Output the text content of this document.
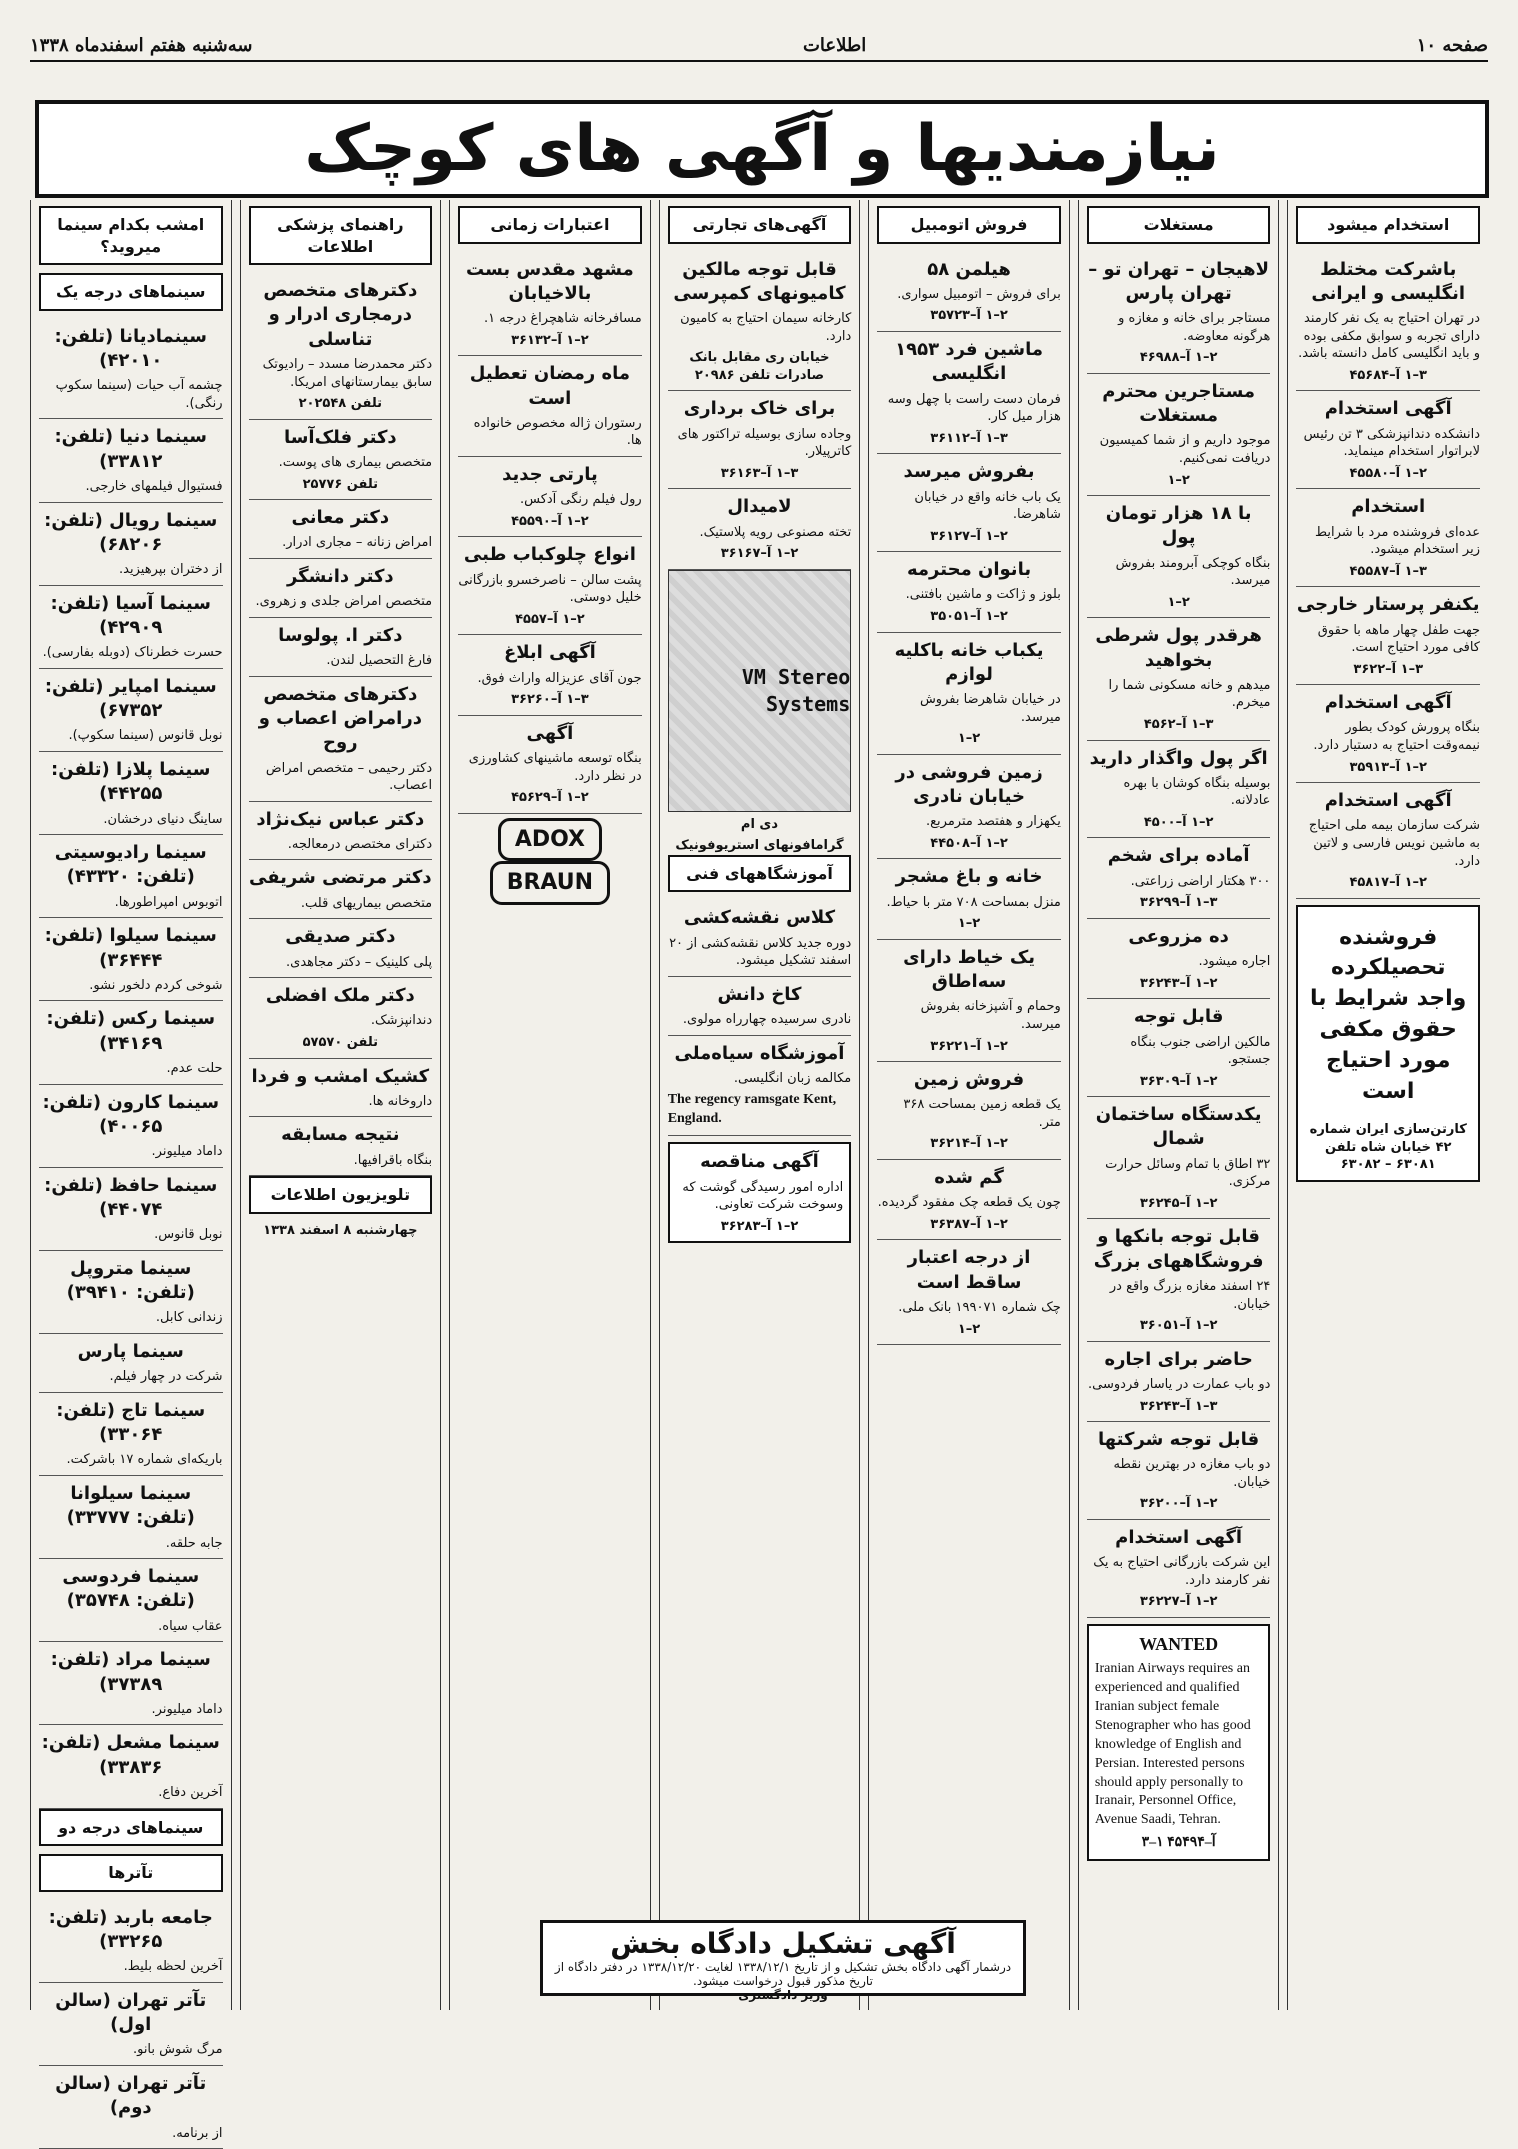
سه‌شنبه هفتم اسفندماه ۱۳۳۸	اطلاعات	صفحه ۱۰
نیازمندیها و آگهی های کوچک
استخدام میشود
باشرکت مختلط انگلیسی و ایرانی
در تهران احتیاج به یک نفر کارمند دارای تجربه و سوابق مکفی بوده و باید انگلیسی کامل دانسته باشد.
۳–۱ آ–۴۵۶۸۴
آگهی استخدام
دانشکده دندانپزشکی ۳ تن رئیس لابراتوار استخدام مینماید.
۲–۱ آ–۴۵۵۸۰
استخدام
عده‌ای فروشنده مرد با شرایط زیر استخدام میشود.
۳–۱ آ–۴۵۵۸۷
یکنفر پرستار خارجی
جهت طفل چهار ماهه با حقوق کافی مورد احتیاج است.
۳–۱ آ–۳۶۲۲
آگهی استخدام
بنگاه پرورش کودک بطور نیمه‌وقت احتیاج به دستیار دارد.
۲–۱ آ–۳۵۹۱۳
آگهی استخدام
شرکت سازمان بیمه ملی احتیاج به ماشین نویس فارسی و لاتین دارد.
۲–۱ آ–۴۵۸۱۷
فروشنده تحصیلکرده واجد شرایط با حقوق مکفی مورد احتیاج است
کارتن‌سازی ایران شماره ۴۲ خیابان شاه تلفن ۶۳۰۸۱ – ۶۳۰۸۲
مستغلات
لاهیجان – تهران تو – تهران پارس
مستاجر برای خانه و مغازه و هرگونه معاوضه.
۲–۱ آ–۴۶۹۸۸
مستاجرین محترم مستغلات
موجود داریم و از شما کمیسیون دریافت نمی‌کنیم.
۲–۱
با ۱۸ هزار تومان پول
بنگاه کوچکی آبرومند بفروش میرسد.
۲–۱
هرقدر پول شرطی بخواهید
میدهم و خانه مسکونی شما را میخرم.
۳–۱ آ–۴۵۶۲
اگر پول واگذار دارید
بوسیله بنگاه کوشان با بهره عادلانه.
۲–۱ آ–۴۵۰۰
آماده برای شخم
۳۰۰ هکتار اراضی زراعتی.
۳–۱ آ–۳۶۲۹۹
ده مزروعی
اجاره میشود.
۲–۱ آ–۳۶۲۴۳
قابل توجه
مالکین اراضی جنوب بنگاه جستجو.
۲–۱ آ–۳۶۳۰۹
یکدستگاه ساختمان شمال
۳۲ اطاق با تمام وسائل حرارت مرکزی.
۲–۱ آ–۳۶۲۴۵
قابل توجه بانکها و فروشگاههای بزرگ
۲۴ اسفند مغازه بزرگ واقع در خیابان.
۲–۱ آ–۳۶۰۵۱
حاضر برای اجاره
دو باب عمارت در یاسار فردوسی.
۳–۱ آ–۳۶۲۴۳
قابل توجه شرکتها
دو باب مغازه در بهترین نقطه خیابان.
۲–۱ آ–۳۶۲۰۰
آگهی استخدام
این شرکت بازرگانی احتیاج به یک نفر کارمند دارد.
۲–۱ آ–۳۶۲۲۷
WANTED
Iranian Airways requires an experienced and qualified Iranian subject female Stenographer who has good knowledge of English and Persian. Interested persons should apply personally to Iranair, Personnel Office, Avenue Saadi, Tehran.
۳–۱ آ–۴۵۴۹۴
فروش اتومبیل
هیلمن ۵۸
برای فروش – اتومبیل سواری.
۲–۱ آ–۳۵۷۲۳
ماشین فرد ۱۹۵۳ انگلیسی
فرمان دست راست با چهل وسه هزار میل کار.
۳–۱ آ–۳۶۱۱۲
بفروش میرسد
یک باب خانه واقع در خیابان شاهرضا.
۲–۱ آ–۳۶۱۲۷
بانوان محترمه
بلوز و ژاکت و ماشین بافتنی.
۲–۱ آ–۳۵۰۵۱
یکباب خانه باکلیه لوازم
در خیابان شاهرضا بفروش میرسد.
۲–۱
زمین فروشی در خیابان نادری
یکهزار و هفتصد مترمربع.
۲–۱ آ–۴۴۵۰۸
خانه و باغ مشجر
منزل بمساحت ۷۰۸ متر با حیاط.
۲–۱
یک خیاط دارای سه‌اطاق
وحمام و آشپزخانه بفروش میرسد.
۲–۱ آ–۳۶۲۲۱
فروش زمین
یک قطعه زمین بمساحت ۳۶۸ متر.
۲–۱ آ–۳۶۲۱۴
گم شده
چون یک قطعه چک مفقود گردیده.
۲–۱ آ–۳۶۳۸۷
از درجه اعتبار ساقط است
چک شماره ۱۹۹۰۷۱ بانک ملی.
۲–۱
آگهی‌های تجارتی
قابل توجه مالکین کامیونهای کمپرسی
کارخانه سیمان احتیاج به کامیون دارد.
خیابان ری مقابل بانک صادرات تلفن ۲۰۹۸۶
برای خاک برداری
وجاده سازی بوسیله تراکتور های کاترپیلار.
۳–۱ آ–۳۶۱۶۳
لامیدال
تخته مصنوعی رویه پلاستیک.
۲–۱ آ–۳۶۱۶۷
VM Stereo Systems
دی ام
گرامافونهای استریوفونیک
آموزشگاههای فنی
کلاس نقشه‌کشی
دوره جدید کلاس نقشه‌کشی از ۲۰ اسفند تشکیل میشود.
کاخ دانش
نادری سرسیده چهارراه مولوی.
آموزشگاه سیاه‌ملی
مکالمه زبان انگلیسی.
The regency ramsgate Kent, England.
آگهی مناقصه
اداره امور رسیدگی گوشت که وسوخت شرکت تعاونی.
۲–۱ آ–۳۶۲۸۳
اعتبارات زمانی
مشهد مقدس بست بالاخیابان
مسافرخانه شاهچراغ درجه ۱.
۲–۱ آ–۳۶۱۳۲
ماه رمضان تعطیل است
رستوران ژاله مخصوص خانواده ها.
پارتی جدید
رول فیلم رنگی آدکس.
۲–۱ آ–۴۵۵۹۰
انواع چلوکباب طبی
پشت سالن – ناصرخسرو بازرگانی خلیل دوستی.
۲–۱ آ–۴۵۵۷
آگهی ابلاغ
جون آقای عزیزاله واراث فوق.
۳–۱ آ–۳۶۲۶۰
آگهی
بنگاه توسعه ماشینهای کشاورزی در نظر دارد.
۲–۱ آ–۴۵۶۲۹
ADOX BRAUN
راهنمای پزشکی اطلاعات
دکترهای متخصص درمجاری ادرار و تناسلی
دکتر محمدرضا مسدد – رادیوتک سابق بیمارستانهای امریکا.
تلفن ۲۰۲۵۴۸
دکتر فلک‌آسا
متخصص بیماری های پوست.
تلفن ۲۵۷۷۶
دکتر معانی
امراض زنانه – مجاری ادرار.
دکتر دانشگر
متخصص امراض جلدی و زهروی.
دکتر ا. پولوسا
فارغ التحصیل لندن.
دکترهای متخصص درامراض اعصاب و روح
دکتر رحیمی – متخصص امراض اعصاب.
دکتر عباس نیک‌نژاد
دکترای مختصص درمعالجه.
دکتر مرتضی شریفی
متخصص بیماریهای قلب.
دکتر صدیقی
پلی کلینیک – دکتر مجاهدی.
دکتر ملک افضلی
دندانپزشک.
تلفن ۵۷۵۷۰
کشیک امشب و فردا
داروخانه ها.
نتیجه مسابقه
بنگاه باقرافیها.
تلویزیون اطلاعات
چهارشنبه ۸ اسفند ۱۳۳۸
امشب بکدام سینما میروید؟
سینماهای درجه یک
سینمادیانا (تلفن: ۴۲۰۱۰)
چشمه آب حیات (سینما سکوپ رنگی).
سینما دنیا (تلفن: ۳۳۸۱۲)
فستیوال فیلمهای خارجی.
سینما رویال (تلفن: ۶۸۲۰۶)
از دختران بپرهیزید.
سینما آسیا (تلفن: ۴۲۹۰۹)
حسرت خطرناک (دوبله بفارسی).
سینما امپایر (تلفن: ۶۷۳۵۲)
نوبل قانوس (سینما سکوپ).
سینما پلازا (تلفن: ۴۴۲۵۵)
ساینگ دنیای درخشان.
سینما رادیوسیتی (تلفن: ۴۳۳۲۰)
اتوبوس امپراطورها.
سینما سیلوا (تلفن: ۳۶۴۴۴)
شوخی کردم دلخور نشو.
سینما رکس (تلفن: ۳۴۱۶۹)
حلت عدم.
سینما کارون (تلفن: ۴۰۰۶۵)
داماد میلیونر.
سینما حافظ (تلفن: ۴۴۰۷۴)
نوبل قانوس.
سینما متروپل (تلفن: ۳۹۴۱۰)
زندانی کابل.
سینما پارس
شرکت در چهار فیلم.
سینما تاج (تلفن: ۳۳۰۶۴)
باریکه‌ای شماره ۱۷ باشرکت.
سینما سیلوانا (تلفن: ۳۳۷۷۷)
جابه حلقه.
سینما فردوسی (تلفن: ۳۵۷۴۸)
عقاب سیاه.
سینما مراد (تلفن: ۳۷۳۸۹)
داماد میلیونر.
سینما مشعل (تلفن: ۳۳۸۳۶)
آخرین دفاع.
سینماهای درجه دو
تآترها
جامعه باربد (تلفن: ۳۳۲۶۵)
آخرین لحظه بلیط.
تآتر تهران (سالن اول)
مرگ شوش بانو.
تآتر تهران (سالن دوم)
از برنامه.
آگهی تشکیل دادگاه بخش
درشمار آگهی دادگاه بخش تشکیل و از تاریخ ۱۳۳۸/۱۲/۱ لغایت ۱۳۳۸/۱۲/۲۰ در دفتر دادگاه از تاریخ مذکور قبول درخواست میشود.
وزیر دادگستری
